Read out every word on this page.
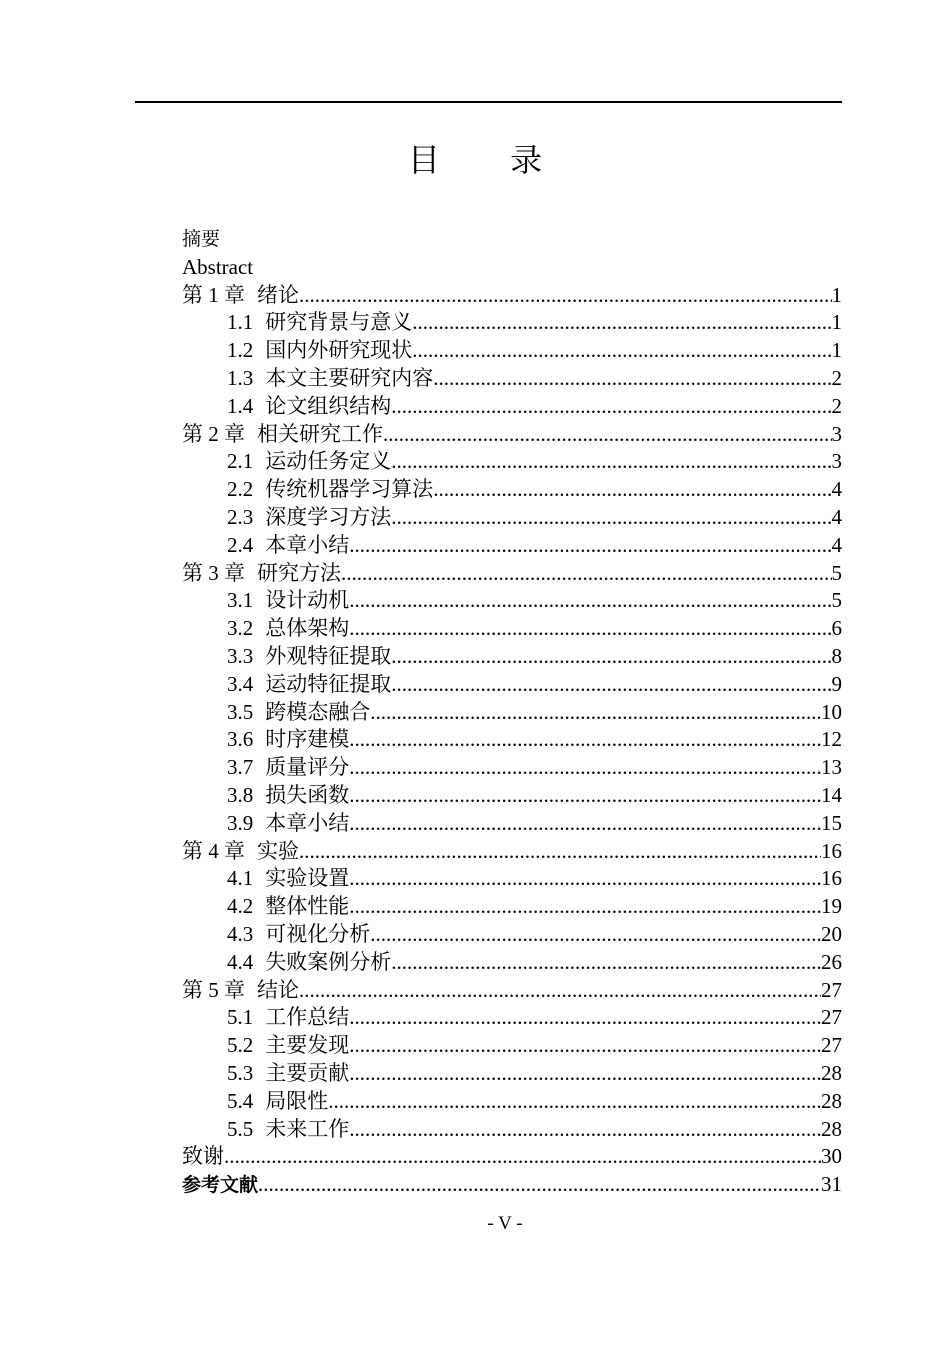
目 录
摘要
Abstract
第 1 章 绪论 .....	1
1.1 研究背景与意义 .....	1
1.2 国内外研究现状 .....	1
1.3 本文主要研究内容 .....	2
1.4 论文组织结构 .....	2
第 2 章 相关研究工作 .....	3
2.1 运动任务定义 .....	3
2.2 传统机器学习算法 .....	4
2.3 深度学习方法 .....	4
2.4 本章小结 .....	4
第 3 章 研究方法 .....	5
3.1 设计动机 .....	5
3.2 总体架构 .....	6
3.3 外观特征提取 .....	8
3.4 运动特征提取 .....	9
3.5 跨模态融合 .....	10
3.6 时序建模 .....	12
3.7 质量评分 .....	13
3.8 损失函数 .....	14
3.9 本章小结 .....	15
第 4 章 实验 .....	16
4.1 实验设置 .....	16
4.2 整体性能 .....	19
4.3 可视化分析 .....	20
4.4 失败案例分析 .....	26
第 5 章 结论 .....	27
5.1 工作总结 .....	27
5.2 主要发现 .....	27
5.3 主要贡献 .....	28
5.4 局限性 .....	28
5.5 未来工作 .....	28
致谢 .....	30
参考文献 .....	31
- V -
